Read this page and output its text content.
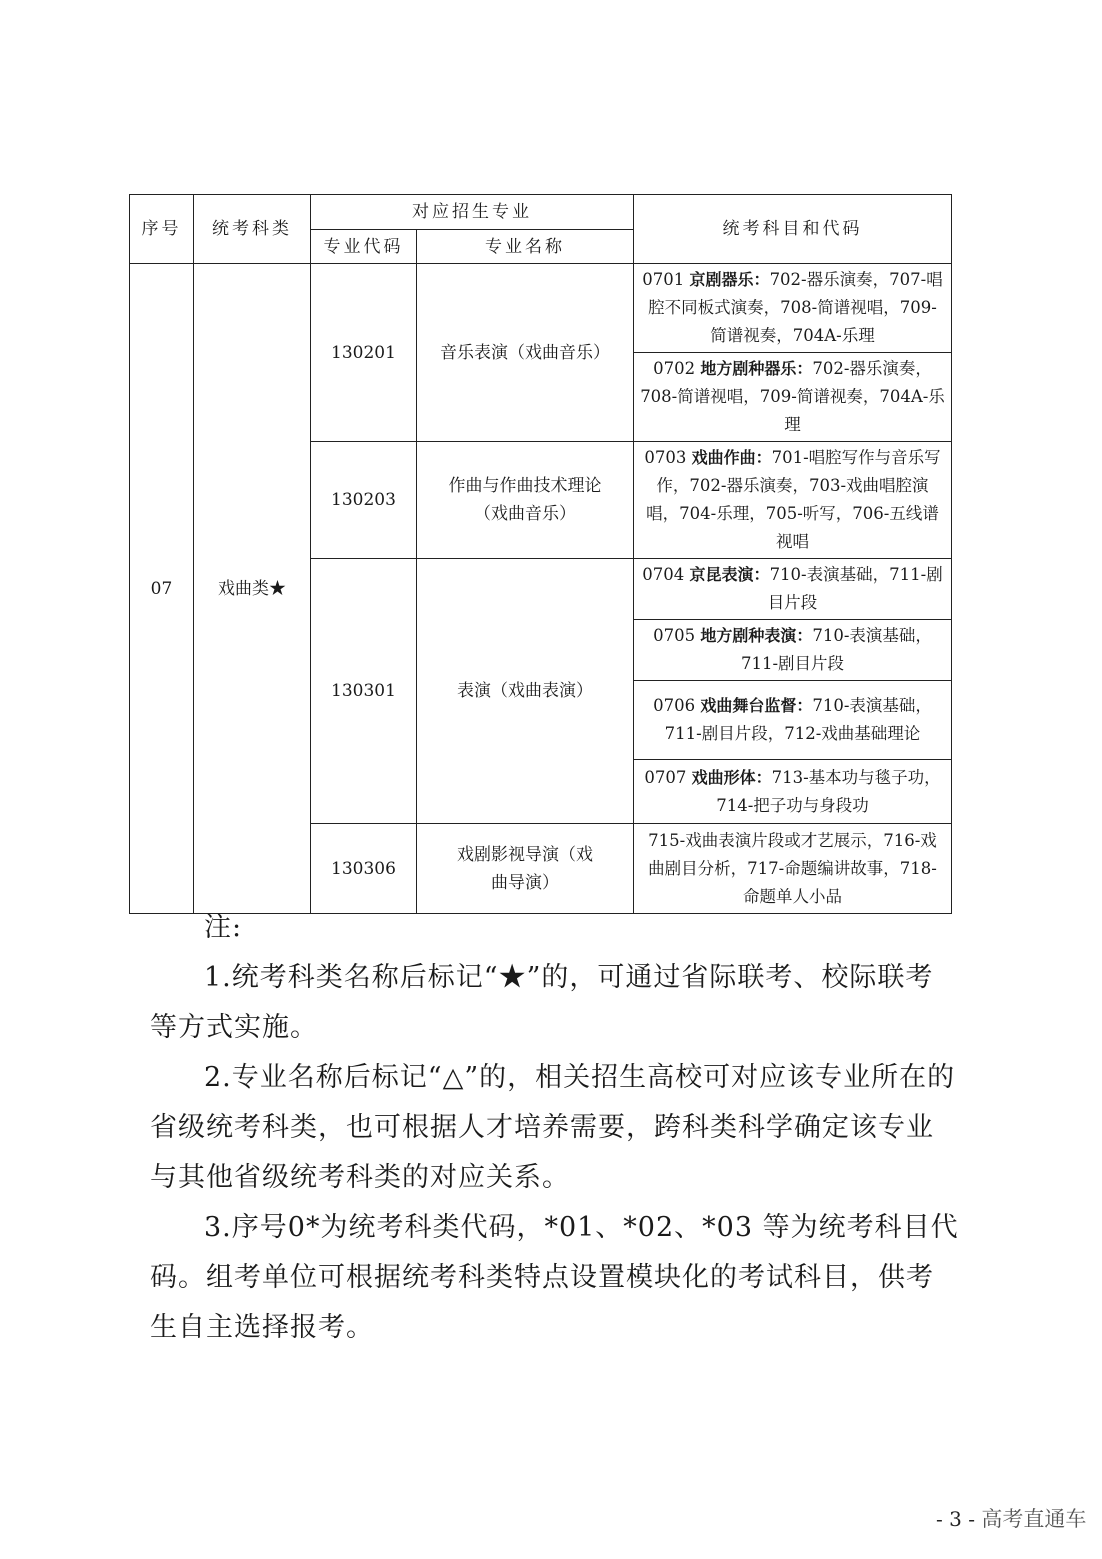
序号	统考科类	对应招生专业		统考科目和代码
		专业代码	专业名称	
07	戏曲类★	130201	音乐表演（戏曲音乐）	0701 京剧器乐：702-器乐演奏，707-唱腔不同板式演奏，708-简谱视唱，709-简谱视奏，704A-乐理
				0702 地方剧种器乐：702-器乐演奏，708-简谱视唱，709-简谱视奏，704A-乐理
		130203	作曲与作曲技术理论（戏曲音乐）	0703 戏曲作曲：701-唱腔写作与音乐写作，702-器乐演奏，703-戏曲唱腔演唱，704-乐理，705-听写，706-五线谱视唱
		130301	表演（戏曲表演）	0704 京昆表演：710-表演基础，711-剧目片段
				0705 地方剧种表演：710-表演基础，711-剧目片段
				0706 戏曲舞台监督：710-表演基础，711-剧目片段，712-戏曲基础理论
				0707 戏曲形体：713-基本功与毯子功，714-把子功与身段功
		130306	戏剧影视导演（戏曲导演）	715-戏曲表演片段或才艺展示，716-戏曲剧目分析，717-命题编讲故事，718-命题单人小品

注:

1.统考科类名称后标记“★”的，可通过省际联考、校际联考等方式实施。

2.专业名称后标记“△”的，相关招生高校可对应该专业所在的省级统考科类，也可根据人才培养需要，跨科类科学确定该专业与其他省级统考科类的对应关系。

3.序号0*为统考科类代码，*01、*02、*03 等为统考科目代码。组考单位可根据统考科类特点设置模块化的考试科目，供考生自主选择报考。

- 3 - 高考直通车
